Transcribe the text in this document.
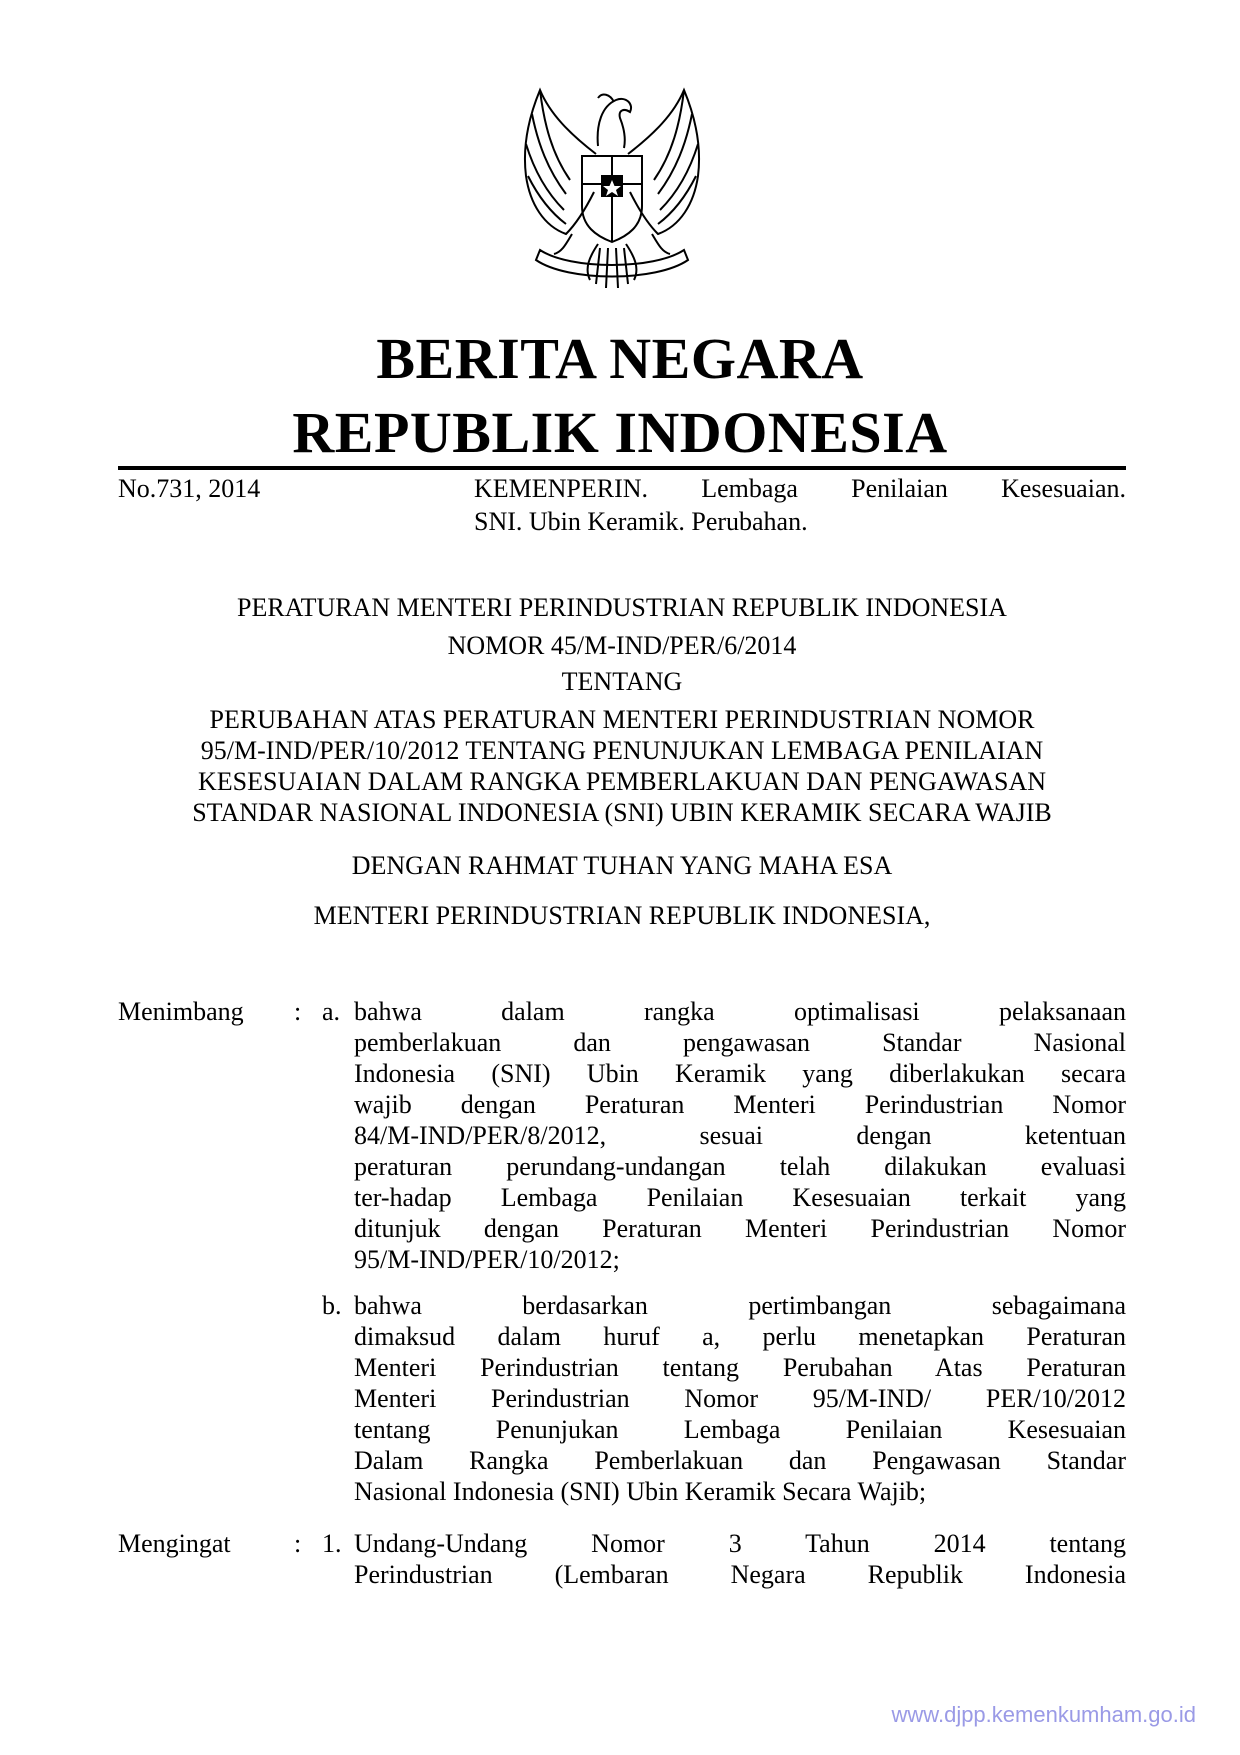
BERITA NEGARA
REPUBLIK INDONESIA
No.731, 2014	KEMENPERIN. Lembaga Penilaian Kesesuaian.
SNI. Ubin Keramik. Perubahan.
PERATURAN MENTERI PERINDUSTRIAN REPUBLIK INDONESIA
NOMOR 45/M-IND/PER/6/2014
TENTANG
PERUBAHAN ATAS PERATURAN MENTERI PERINDUSTRIAN NOMOR
95/M-IND/PER/10/2012 TENTANG PENUNJUKAN LEMBAGA PENILAIAN
KESESUAIAN DALAM RANGKA PEMBERLAKUAN DAN PENGAWASAN
STANDAR NASIONAL INDONESIA (SNI) UBIN KERAMIK SECARA WAJIB
DENGAN RAHMAT TUHAN YANG MAHA ESA
MENTERI PERINDUSTRIAN REPUBLIK INDONESIA,
Menimbang : a. bahwa dalam rangka optimalisasi pelaksanaan
pemberlakuan dan pengawasan Standar Nasional
Indonesia (SNI) Ubin Keramik yang diberlakukan secara
wajib dengan Peraturan Menteri Perindustrian Nomor
84/M-IND/PER/8/2012, sesuai dengan ketentuan
peraturan perundang-undangan telah dilakukan evaluasi
ter-hadap Lembaga Penilaian Kesesuaian terkait yang
ditunjuk dengan Peraturan Menteri Perindustrian Nomor
95/M-IND/PER/10/2012;
b. bahwa berdasarkan pertimbangan sebagaimana
dimaksud dalam huruf a, perlu menetapkan Peraturan
Menteri Perindustrian tentang Perubahan Atas Peraturan
Menteri Perindustrian Nomor 95/M-IND/ PER/10/2012
tentang Penunjukan Lembaga Penilaian Kesesuaian
Dalam Rangka Pemberlakuan dan Pengawasan Standar
Nasional Indonesia (SNI) Ubin Keramik Secara Wajib;
Mengingat : 1. Undang-Undang Nomor 3 Tahun 2014 tentang
Perindustrian (Lembaran Negara Republik Indonesia
www.djpp.kemenkumham.go.id
